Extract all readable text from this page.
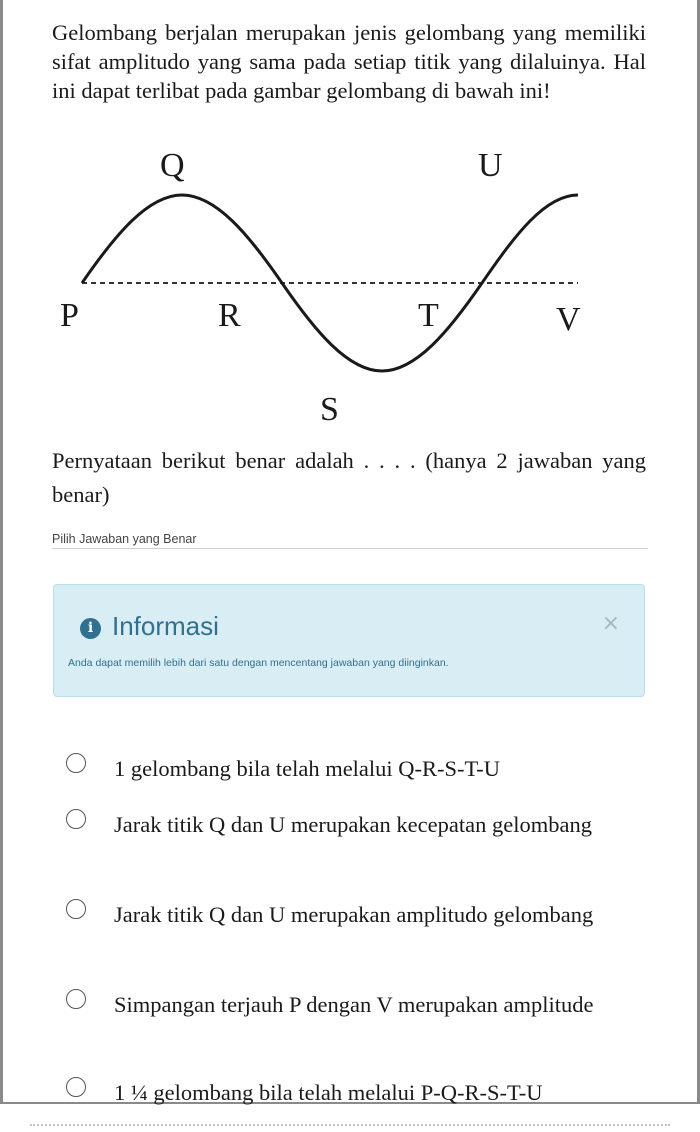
Gelombang berjalan merupakan jenis gelombang yang memiliki sifat amplitudo yang sama pada setiap titik yang dilaluinya. Hal ini dapat terlibat pada gambar gelombang di bawah ini!
Q	U
P	R	T	V
S
Pernyataan berikut benar adalah . . . . (hanya 2 jawaban yang benar)
Pilih Jawaban yang Benar
i Informasi	×
Anda dapat memilih lebih dari satu dengan mencentang jawaban yang diinginkan.
1 gelombang bila telah melalui Q-R-S-T-U
Jarak titik Q dan U merupakan kecepatan gelombang
Jarak titik Q dan U merupakan amplitudo gelombang
Simpangan terjauh P dengan V merupakan amplitude
1 ¼ gelombang bila telah melalui P-Q-R-S-T-U
